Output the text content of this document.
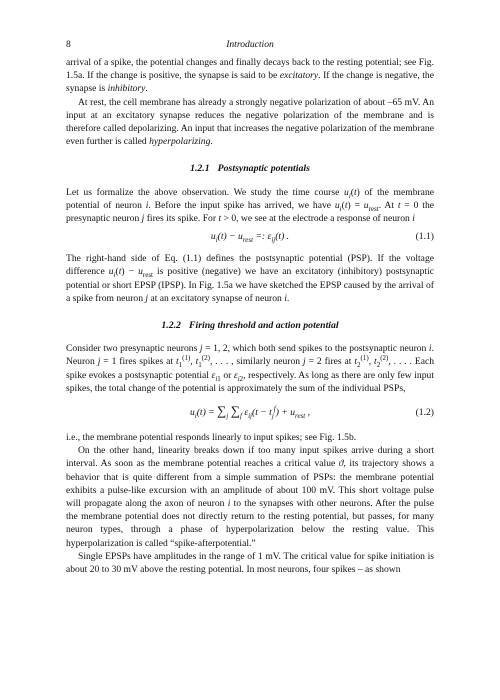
8	Introduction

arrival of a spike, the potential changes and finally decays back to the resting potential; see Fig. 1.5a. If the change is positive, the synapse is said to be excitatory. If the change is negative, the synapse is inhibitory.

At rest, the cell membrane has already a strongly negative polarization of about –65 mV. An input at an excitatory synapse reduces the negative polarization of the membrane and is therefore called depolarizing. An input that increases the negative polarization of the membrane even further is called hyperpolarizing.

1.2.1 Postsynaptic potentials

Let us formalize the above observation. We study the time course $u_i(t)$ of the membrane potential of neuron i. Before the input spike has arrived, we have $u_i(t) = u_{rest}$. At t = 0 the presynaptic neuron j fires its spike. For t > 0, we see at the electrode a response of neuron i

$u_i(t) - u_{rest}$ =: $\varepsilon_{ij}(t)$ .	(1.1)

The right-hand side of Eq. (1.1) defines the postsynaptic potential (PSP). If the voltage difference $u_i(t) - u_{rest}$ is positive (negative) we have an excitatory (inhibitory) postsynaptic potential or short EPSP (IPSP). In Fig. 1.5a we have sketched the EPSP caused by the arrival of a spike from neuron j at an excitatory synapse of neuron i.

1.2.2 Firing threshold and action potential

Consider two presynaptic neurons j = 1, 2, which both send spikes to the postsynaptic neuron i. Neuron j = 1 fires spikes at $t_1^{(1)}$, $t_1^{(2)}$, . . . , similarly neuron j = 2 fires at $t_2^{(1)}$, $t_2^{(2)}$, . . . . Each spike evokes a postsynaptic potential $\varepsilon_{i1}$ or $\varepsilon_{i2}$, respectively. As long as there are only few input spikes, the total change of the potential is approximately the sum of the individual PSPs,

$u_i(t) = \sum_j$ $\sum_f$ $\varepsilon_{ij}(t - t_j^f) + u_{rest}$ ,	(1.2)

i.e., the membrane potential responds linearly to input spikes; see Fig. 1.5b.

On the other hand, linearity breaks down if too many input spikes arrive during a short interval. As soon as the membrane potential reaches a critical value ϑ, its trajectory shows a behavior that is quite different from a simple summation of PSPs: the membrane potential exhibits a pulse-like excursion with an amplitude of about 100 mV. This short voltage pulse will propagate along the axon of neuron i to the synapses with other neurons. After the pulse the membrane potential does not directly return to the resting potential, but passes, for many neuron types, through a phase of hyperpolarization below the resting value. This hyperpolarization is called “spike-afterpotential.”

Single EPSPs have amplitudes in the range of 1 mV. The critical value for spike initiation is about 20 to 30 mV above the resting potential. In most neurons, four spikes – as shown
